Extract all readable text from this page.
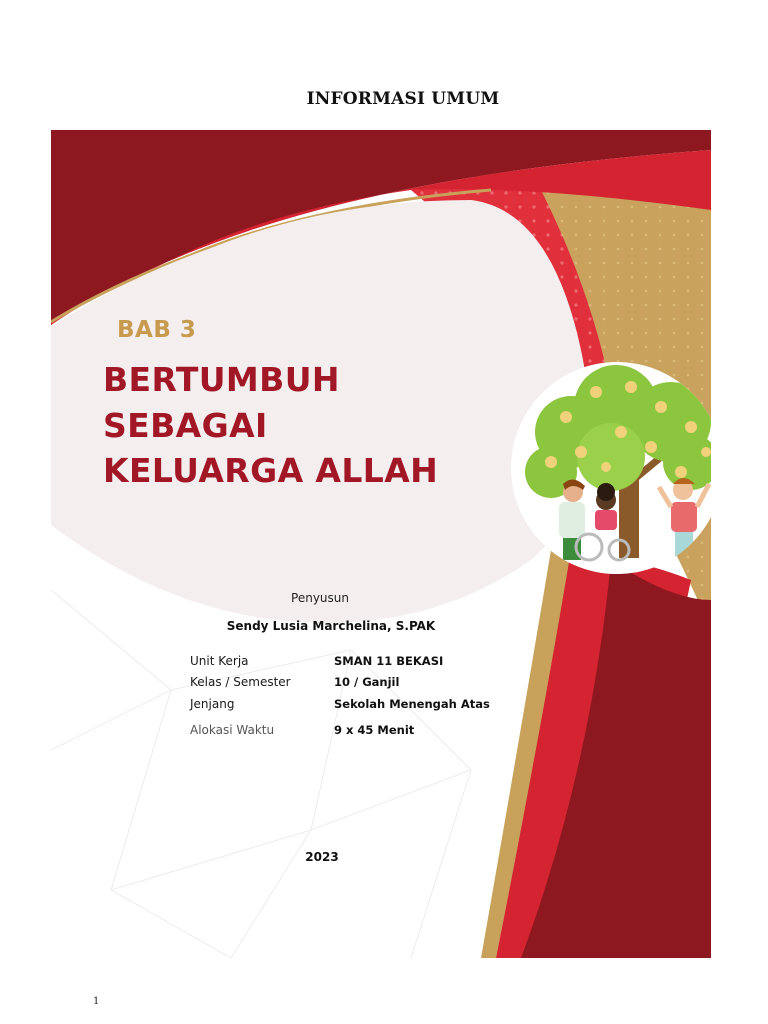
INFORMASI UMUM
BAB 3
BERTUMBUH
SEBAGAI
KELUARGA ALLAH
Penyusun
Sendy Lusia Marchelina, S.PAK
Unit Kerja	SMAN 11 BEKASI
Kelas / Semester	10 / Ganjil
Jenjang	Sekolah Menengah Atas
Alokasi Waktu	9 x 45 Menit
2023
1
